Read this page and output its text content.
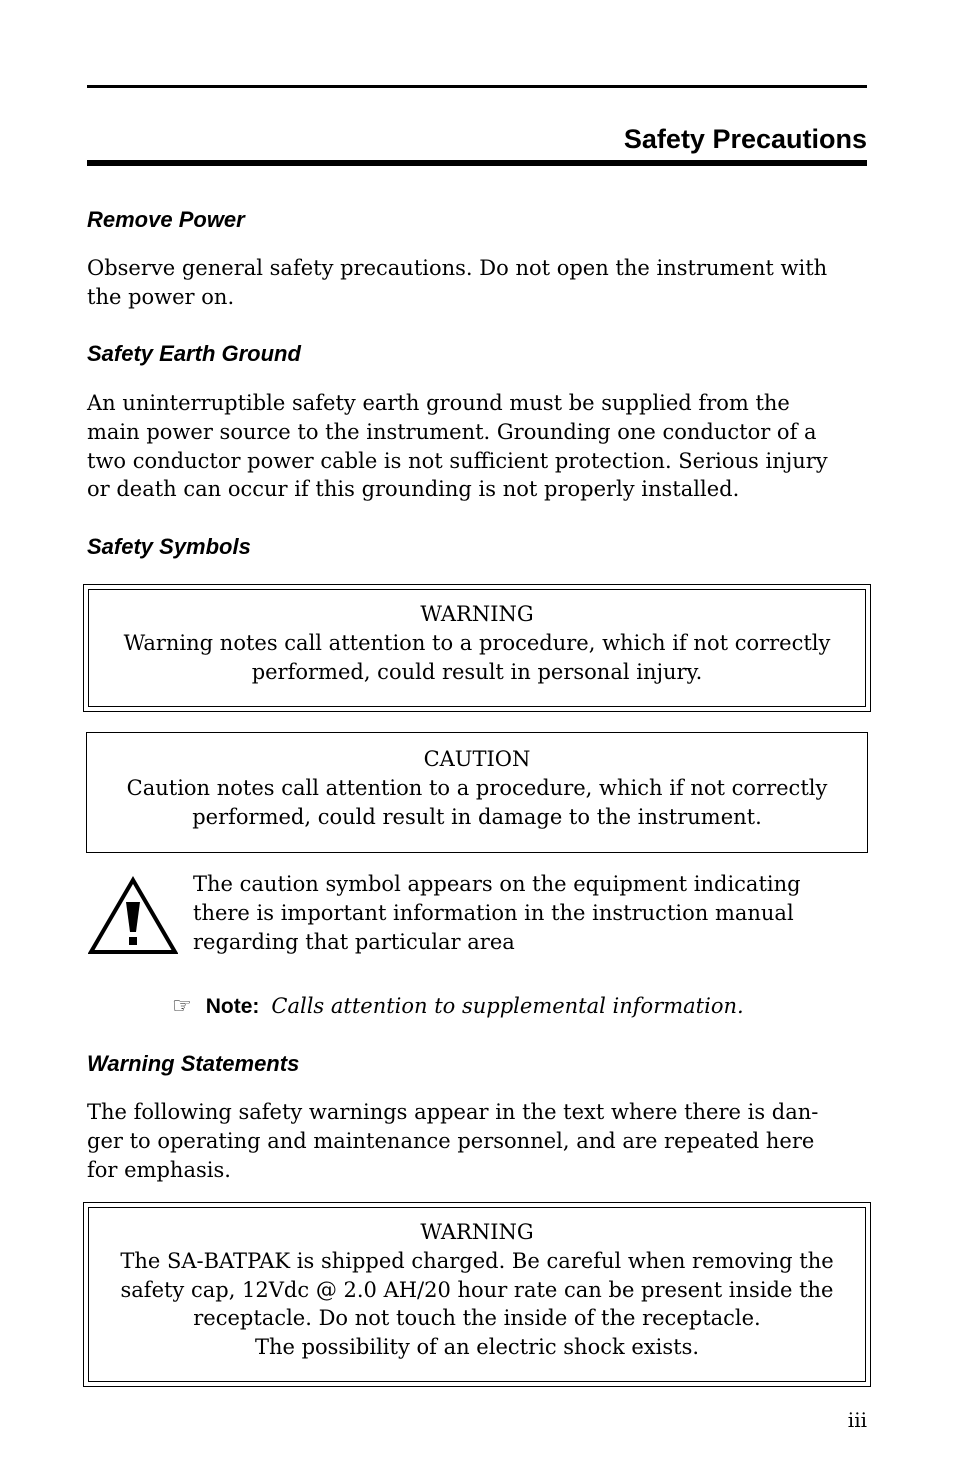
Safety Precautions
Remove Power

Observe general safety precautions. Do not open the instrument with
the power on.

Safety Earth Ground

An uninterruptible safety earth ground must be supplied from the
main power source to the instrument. Grounding one conductor of a
two conductor power cable is not sufficient protection. Serious injury
or death can occur if this grounding is not properly installed.

Safety Symbols
WARNING
Warning notes call attention to a procedure, which if not correctly
performed, could result in personal injury.
CAUTION
Caution notes call attention to a procedure, which if not correctly
performed, could result in damage to the instrument.

The caution symbol appears on the equipment indicating
there is important information in the instruction manual
regarding that particular area

☞ Note: Calls attention to supplemental information.
Warning Statements

The following safety warnings appear in the text where there is dan-
ger to operating and maintenance personnel, and are repeated here
for emphasis.

WARNING
The SA-BATPAK is shipped charged. Be careful when removing the
safety cap, 12Vdc @ 2.0 AH/20 hour rate can be present inside the
receptacle. Do not touch the inside of the receptacle.
The possibility of an electric shock exists.
iii
